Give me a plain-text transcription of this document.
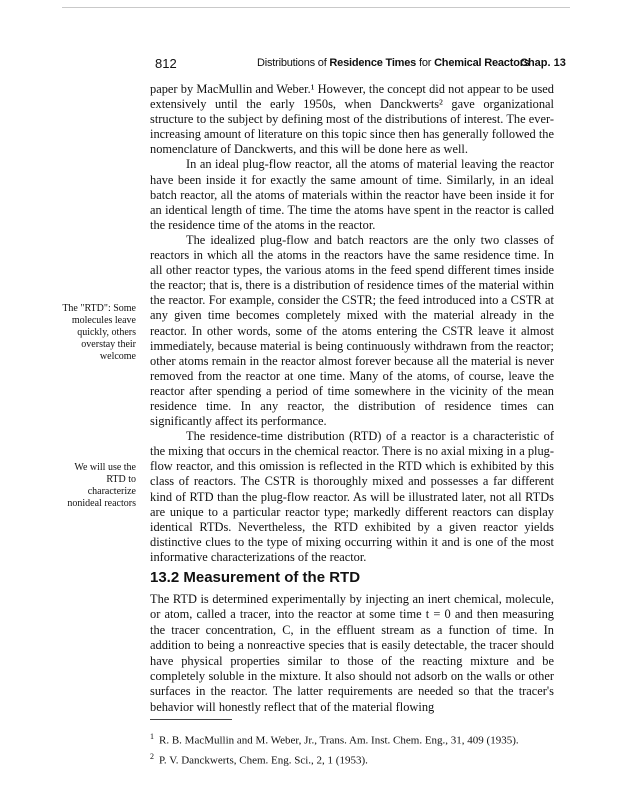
812	Distributions of Residence Times for Chemical Reactors
Chap. 13

paper by MacMullin and Weber.¹ However, the concept did not appear to be used extensively until the early 1950s, when Danckwerts² gave organizational structure to the subject by defining most of the distributions of interest. The ever-increasing amount of literature on this topic since then has generally followed the nomenclature of Danckwerts, and this will be done here as well.

In an ideal plug-flow reactor, all the atoms of material leaving the reactor have been inside it for exactly the same amount of time. Similarly, in an ideal batch reactor, all the atoms of materials within the reactor have been inside it for an identical length of time. The time the atoms have spent in the reactor is called the residence time of the atoms in the reactor.

The idealized plug-flow and batch reactors are the only two classes of reactors in which all the atoms in the reactors have the same residence time. In all other reactor types, the various atoms in the feed spend different times inside the reactor; that is, there is a distribution of residence times of the material within the reactor. For example, consider the CSTR; the feed introduced into a CSTR at any given time becomes completely mixed with the material already in the reactor. In other words, some of the atoms entering the CSTR leave it almost immediately, because material is being continuously withdrawn from the reactor; other atoms remain in the reactor almost forever because all the material is never removed from the reactor at one time. Many of the atoms, of course, leave the reactor after spending a period of time somewhere in the vicinity of the mean residence time. In any reactor, the distribution of residence times can significantly affect its performance.

The residence-time distribution (RTD) of a reactor is a characteristic of the mixing that occurs in the chemical reactor. There is no axial mixing in a plug-flow reactor, and this omission is reflected in the RTD which is exhibited by this class of reactors. The CSTR is thoroughly mixed and possesses a far different kind of RTD than the plug-flow reactor. As will be illustrated later, not all RTDs are unique to a particular reactor type; markedly different reactors can display identical RTDs. Nevertheless, the RTD exhibited by a given reactor yields distinctive clues to the type of mixing occurring within it and is one of the most informative characterizations of the reactor.

The "RTD": Some molecules leave quickly, others overstay their welcome
We will use the RTD to characterize nonideal reactors
13.2 Measurement of the RTD

The RTD is determined experimentally by injecting an inert chemical, molecule, or atom, called a tracer, into the reactor at some time t = 0 and then measuring the tracer concentration, C, in the effluent stream as a function of time. In addition to being a nonreactive species that is easily detectable, the tracer should have physical properties similar to those of the reacting mixture and be completely soluble in the mixture. It also should not adsorb on the walls or other surfaces in the reactor. The latter requirements are needed so that the tracer's behavior will honestly reflect that of the material flowing

$^1$ R. B. MacMullin and M. Weber, Jr., Trans. Am. Inst. Chem. Eng., 31, 409 (1935).
$^2$ P. V. Danckwerts, Chem. Eng. Sci., 2, 1 (1953).
